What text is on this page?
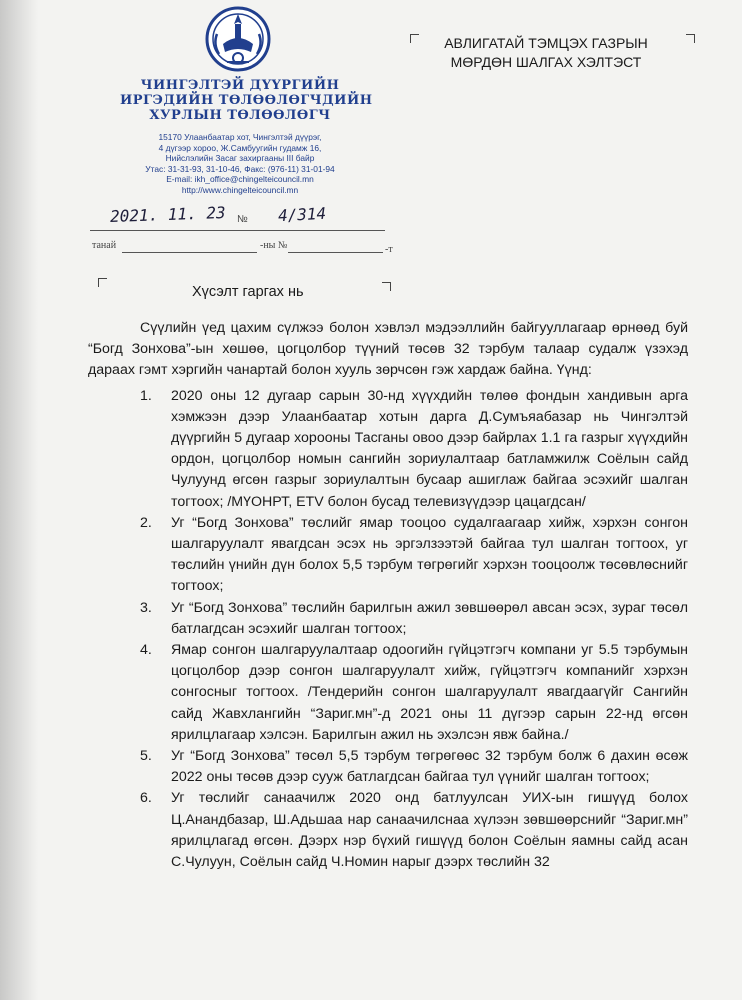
ЧИНГЭЛТЭЙ ДҮҮРГИЙН
ИРГЭДИЙН ТӨЛӨӨЛӨГЧДИЙН
ХУРЛЫН ТӨЛӨӨЛӨГЧ
15170 Улаанбаатар хот, Чингэлтэй дүүрэг,
4 дүгээр хороо, Ж.Самбуугийн гудамж 16,
Нийслэлийн Засаг захиргааны III байр
Утас: 31-31-93, 31-10-46, Факс: (976-11) 31-01-94
E-mail: ikh_office@chingelteicouncil.mn
http://www.chingelteicouncil.mn
АВЛИГАТАЙ ТЭМЦЭХ ГАЗРЫН
МӨРДӨН ШАЛГАХ ХЭЛТЭСТ
2021. 11. 23 № 4/314
танай	-ны №	-т
Хүсэлт гаргах нь

Сүүлийн үед цахим сүлжээ болон хэвлэл мэдээллийн байгууллагаар өрнөөд буй “Богд Зонхова”-ын хөшөө, цогцолбор түүний төсөв 32 тэрбум талаар судалж үзэхэд дараах гэмт хэргийн чанартай болон хууль зөрчсөн гэж хардаж байна. Үүнд:

1.	2020 оны 12 дугаар сарын 30-нд хүүхдийн төлөө фондын хандивын арга хэмжээн дээр Улаанбаатар хотын дарга Д.Сумъяабазар нь Чингэлтэй дүүргийн 5 дугаар хорооны Тасганы овоо дээр байрлах 1.1 га газрыг хүүхдийн ордон, цогцолбор номын сангийн зориулалтаар батламжилж Соёлын сайд Чулуунд өгсөн газрыг зориулалтын бусаар ашиглаж байгаа эсэхийг шалган тогтоох; /МҮОНРТ, ETV болон бусад телевизүүдээр цацагдсан/
2.	Уг “Богд Зонхова” төслийг ямар тооцоо судалгаагаар хийж, хэрхэн сонгон шалгаруулалт явагдсан эсэх нь эргэлзээтэй байгаа тул шалган тогтоох, уг төслийн үнийн дүн болох 5,5 тэрбум төгрөгийг хэрхэн тооцоолж төсөвлөснийг тогтоох;
3.	Уг “Богд Зонхова” төслийн барилгын ажил зөвшөөрөл авсан эсэх, зураг төсөл батлагдсан эсэхийг шалган тогтоох;
4.	Ямар сонгон шалгаруулалтаар одоогийн гүйцэтгэгч компани уг 5.5 тэрбумын цогцолбор дээр сонгон шалгаруулалт хийж, гүйцэтгэгч компанийг хэрхэн сонгосныг тогтоох. /Тендерийн сонгон шалгаруулалт явагдаагүйг Сангийн сайд Жавхлангийн “Зариг.мн”-д 2021 оны 11 дүгээр сарын 22-нд өгсөн ярилцлагаар хэлсэн. Барилгын ажил нь эхэлсэн явж байна./
5.	Уг “Богд Зонхова” төсөл 5,5 тэрбум төгрөгөөс 32 тэрбум болж 6 дахин өсөж 2022 оны төсөв дээр сууж батлагдсан байгаа тул үүнийг шалган тогтоох;
6.	Уг төслийг санаачилж 2020 онд батлуулсан УИХ-ын гишүүд болох Ц.Анандбазар, Ш.Адьшаа нар санаачилснаа хүлээн зөвшөөрснийг “Зариг.мн” ярилцлагад өгсөн. Дээрх нэр бүхий гишүүд болон Соёлын яамны сайд асан С.Чулуун, Соёлын сайд Ч.Номин нарыг дээрх төслийн 32
